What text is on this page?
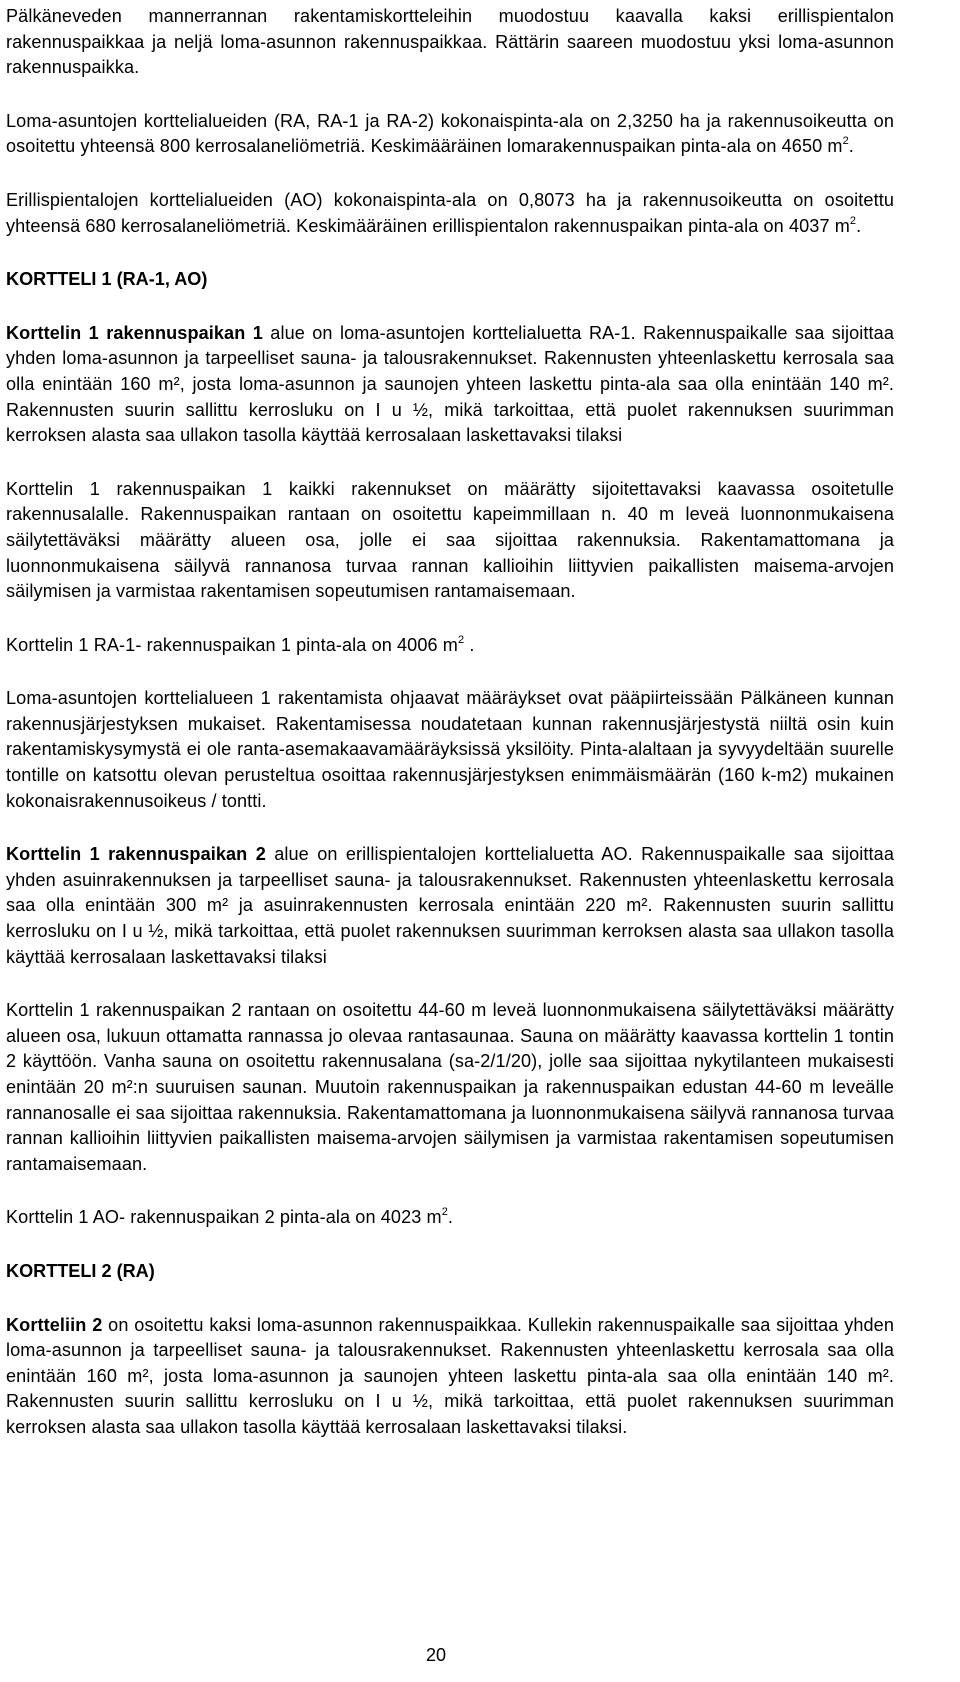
Pälkäneveden mannerrannan rakentamiskortteleihin muodostuu kaavalla kaksi erillispientalon rakennuspaikkaa ja neljä loma-asunnon rakennuspaikkaa. Rättärin saareen muodostuu yksi loma-asunnon rakennuspaikka.

Loma-asuntojen korttelialueiden (RA, RA-1 ja RA-2) kokonaispinta-ala on 2,3250 ha ja rakennusoikeutta on osoitettu yhteensä 800 kerrosalaneliömetriä. Keskimääräinen lomarakennuspaikan pinta-ala on 4650 $m^2$.

Erillispientalojen korttelialueiden (AO) kokonaispinta-ala on 0,8073 ha ja rakennusoikeutta on osoitettu yhteensä 680 kerrosalaneliömetriä. Keskimääräinen erillispientalon rakennuspaikan pinta-ala on 4037 $m^2$.

KORTTELI 1 (RA-1, AO)

Korttelin 1 rakennuspaikan 1 alue on loma-asuntojen korttelialuetta RA-1. Rakennuspaikalle saa sijoittaa yhden loma-asunnon ja tarpeelliset sauna- ja talousrakennukset. Rakennusten yhteenlaskettu kerrosala saa olla enintään 160 m², josta loma-asunnon ja saunojen yhteen laskettu pinta-ala saa olla enintään 140 m². Rakennusten suurin sallittu kerrosluku on I u ½, mikä tarkoittaa, että puolet rakennuksen suurimman kerroksen alasta saa ullakon tasolla käyttää kerrosalaan laskettavaksi tilaksi

Korttelin 1 rakennuspaikan 1 kaikki rakennukset on määrätty sijoitettavaksi kaavassa osoitetulle rakennusalalle. Rakennuspaikan rantaan on osoitettu kapeimmillaan n. 40 m leveä luonnonmukaisena säilytettäväksi määrätty alueen osa, jolle ei saa sijoittaa rakennuksia. Rakentamattomana ja luonnonmukaisena säilyvä rannanosa turvaa rannan kallioihin liittyvien paikallisten maisema-arvojen säilymisen ja varmistaa rakentamisen sopeutumisen rantamaisemaan.

Korttelin 1 RA-1- rakennuspaikan 1 pinta-ala on 4006 $m^2$ .

Loma-asuntojen korttelialueen 1 rakentamista ohjaavat määräykset ovat pääpiirteissään Pälkäneen kunnan rakennusjärjestyksen mukaiset. Rakentamisessa noudatetaan kunnan rakennusjärjestystä niiltä osin kuin rakentamiskysymystä ei ole ranta-asemakaavamääräyksissä yksilöity. Pinta-alaltaan ja syvyydeltään suurelle tontille on katsottu olevan perusteltua osoittaa rakennusjärjestyksen enimmäismäärän (160 k-m2) mukainen kokonaisrakennusoikeus / tontti.

Korttelin 1 rakennuspaikan 2 alue on erillispientalojen korttelialuetta AO. Rakennuspaikalle saa sijoittaa yhden asuinrakennuksen ja tarpeelliset sauna- ja talousrakennukset. Rakennusten yhteenlaskettu kerrosala saa olla enintään 300 m² ja asuinrakennusten kerrosala enintään 220 m². Rakennusten suurin sallittu kerrosluku on I u ½, mikä tarkoittaa, että puolet rakennuksen suurimman kerroksen alasta saa ullakon tasolla käyttää kerrosalaan laskettavaksi tilaksi

Korttelin 1 rakennuspaikan 2 rantaan on osoitettu 44-60 m leveä luonnonmukaisena säilytettäväksi määrätty alueen osa, lukuun ottamatta rannassa jo olevaa rantasaunaa. Sauna on määrätty kaavassa korttelin 1 tontin 2 käyttöön. Vanha sauna on osoitettu rakennusalana (sa-2/1/20), jolle saa sijoittaa nykytilanteen mukaisesti enintään 20 m²:n suuruisen saunan. Muutoin rakennuspaikan ja rakennuspaikan edustan 44-60 m leveälle rannanosalle ei saa sijoittaa rakennuksia. Rakentamattomana ja luonnonmukaisena säilyvä rannanosa turvaa rannan kallioihin liittyvien paikallisten maisema-arvojen säilymisen ja varmistaa rakentamisen sopeutumisen rantamaisemaan.

Korttelin 1 AO- rakennuspaikan 2 pinta-ala on 4023 $m^2$.

KORTTELI 2 (RA)

Kortteliin 2 on osoitettu kaksi loma-asunnon rakennuspaikkaa. Kullekin rakennuspaikalle saa sijoittaa yhden loma-asunnon ja tarpeelliset sauna- ja talousrakennukset. Rakennusten yhteenlaskettu kerrosala saa olla enintään 160 m², josta loma-asunnon ja saunojen yhteen laskettu pinta-ala saa olla enintään 140 m². Rakennusten suurin sallittu kerrosluku on I u ½, mikä tarkoittaa, että puolet rakennuksen suurimman kerroksen alasta saa ullakon tasolla käyttää kerrosalaan laskettavaksi tilaksi.

20
